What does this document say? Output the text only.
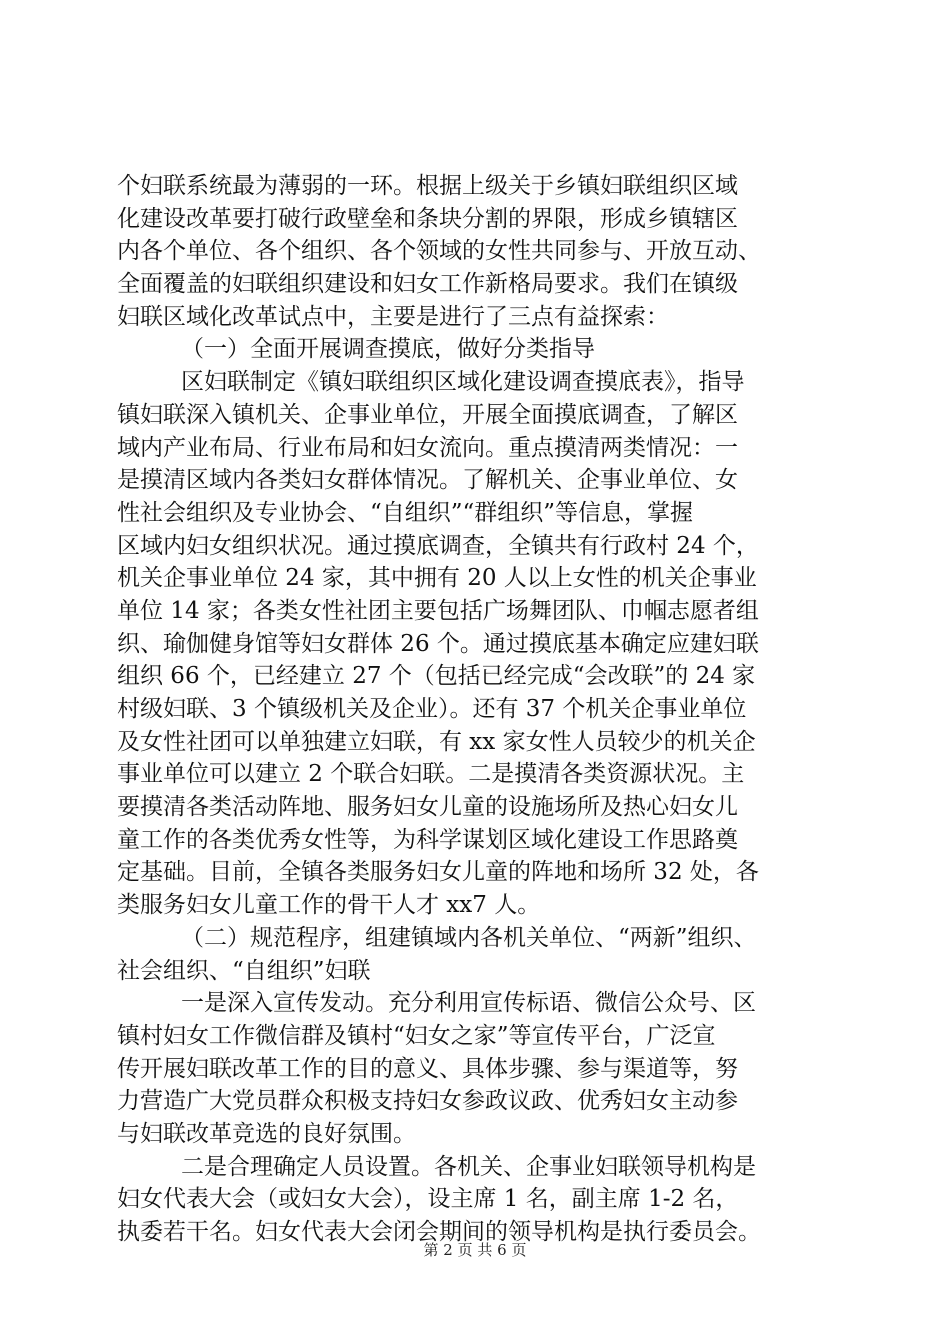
个妇联系统最为薄弱的一环。根据上级关于乡镇妇联组织区域
化建设改革要打破行政壁垒和条块分割的界限，形成乡镇辖区
内各个单位、各个组织、各个领域的女性共同参与、开放互动、
全面覆盖的妇联组织建设和妇女工作新格局要求。我们在镇级
妇联区域化改革试点中，主要是进行了三点有益探索：
（一）全面开展调查摸底，做好分类指导
区妇联制定《镇妇联组织区域化建设调查摸底表》，指导
镇妇联深入镇机关、企事业单位，开展全面摸底调查，了解区
域内产业布局、行业布局和妇女流向。重点摸清两类情况：一
是摸清区域内各类妇女群体情况。了解机关、企事业单位、女
性社会组织及专业协会、“自组织”“群组织”等信息，掌握
区域内妇女组织状况。通过摸底调查，全镇共有行政村 24 个，
机关企事业单位 24 家，其中拥有 20 人以上女性的机关企事业
单位 14 家；各类女性社团主要包括广场舞团队、巾帼志愿者组
织、瑜伽健身馆等妇女群体 26 个。通过摸底基本确定应建妇联
组织 66 个，已经建立 27 个（包括已经完成“会改联”的 24 家
村级妇联、3 个镇级机关及企业）。还有 37 个机关企事业单位
及女性社团可以单独建立妇联，有 xx 家女性人员较少的机关企
事业单位可以建立 2 个联合妇联。二是摸清各类资源状况。主
要摸清各类活动阵地、服务妇女儿童的设施场所及热心妇女儿
童工作的各类优秀女性等，为科学谋划区域化建设工作思路奠
定基础。目前，全镇各类服务妇女儿童的阵地和场所 32 处，各
类服务妇女儿童工作的骨干人才 xx7 人。
（二）规范程序，组建镇域内各机关单位、“两新”组织、
社会组织、“自组织”妇联
一是深入宣传发动。充分利用宣传标语、微信公众号、区
镇村妇女工作微信群及镇村“妇女之家”等宣传平台，广泛宣
传开展妇联改革工作的目的意义、具体步骤、参与渠道等，努
力营造广大党员群众积极支持妇女参政议政、优秀妇女主动参
与妇联改革竞选的良好氛围。
二是合理确定人员设置。各机关、企事业妇联领导机构是
妇女代表大会（或妇女大会），设主席 1 名，副主席 1-2 名，
执委若干名。妇女代表大会闭会期间的领导机构是执行委员会。
第 2 页 共 6 页
